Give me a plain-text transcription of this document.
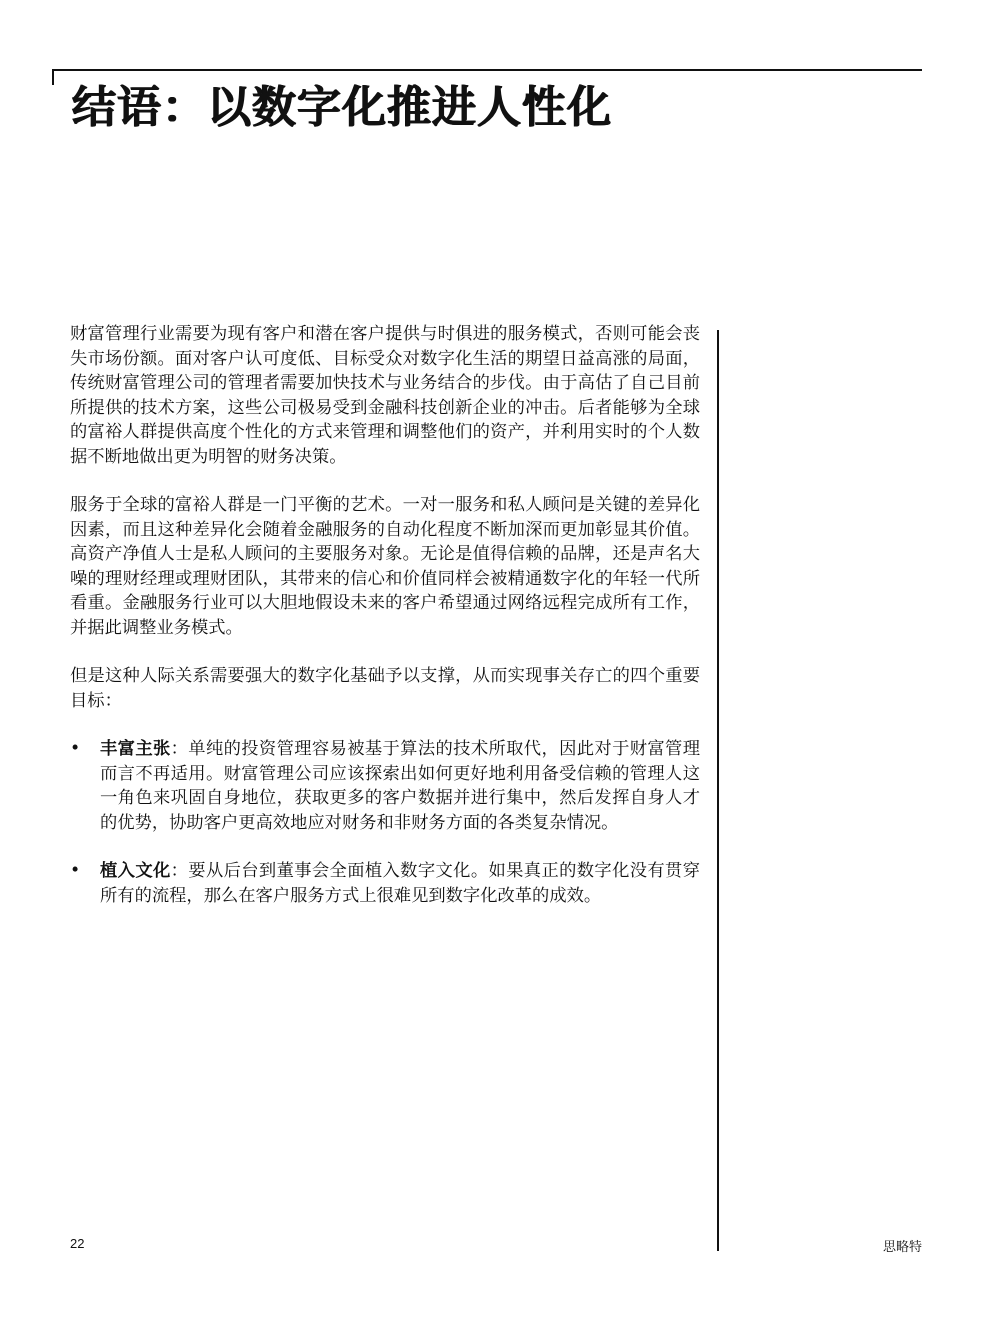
结语：以数字化推进人性化

财富管理行业需要为现有客户和潜在客户提供与时俱进的服务模式，否则可能会丧失市场份额。面对客户认可度低、目标受众对数字化生活的期望日益高涨的局面，传统财富管理公司的管理者需要加快技术与业务结合的步伐。由于高估了自己目前所提供的技术方案，这些公司极易受到金融科技创新企业的冲击。后者能够为全球的富裕人群提供高度个性化的方式来管理和调整他们的资产，并利用实时的个人数据不断地做出更为明智的财务决策。

服务于全球的富裕人群是一门平衡的艺术。一对一服务和私人顾问是关键的差异化因素，而且这种差异化会随着金融服务的自动化程度不断加深而更加彰显其价值。高资产净值人士是私人顾问的主要服务对象。无论是值得信赖的品牌，还是声名大噪的理财经理或理财团队，其带来的信心和价值同样会被精通数字化的年轻一代所看重。金融服务行业可以大胆地假设未来的客户希望通过网络远程完成所有工作，并据此调整业务模式。

但是这种人际关系需要强大的数字化基础予以支撑，从而实现事关存亡的四个重要目标：

• 丰富主张：单纯的投资管理容易被基于算法的技术所取代，因此对于财富管理而言不再适用。财富管理公司应该探索出如何更好地利用备受信赖的管理人这一角色来巩固自身地位，获取更多的客户数据并进行集中，然后发挥自身人才的优势，协助客户更高效地应对财务和非财务方面的各类复杂情况。
• 植入文化：要从后台到董事会全面植入数字文化。如果真正的数字化没有贯穿所有的流程，那么在客户服务方式上很难见到数字化改革的成效。
22	思略特
